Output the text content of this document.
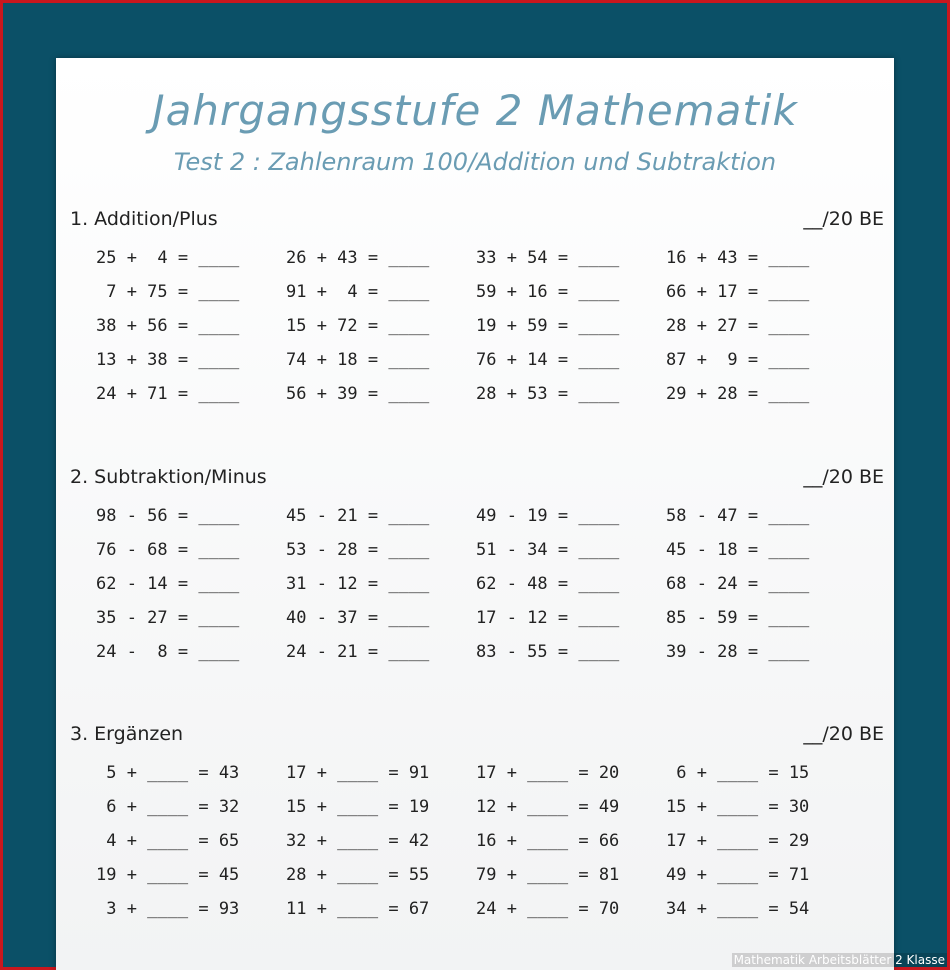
Jahrgangsstufe 2 Mathematik
Test 2 : Zahlenraum 100/Addition und Subtraktion
1. Addition/Plus	__/20 BE
25 +  4 = ____	26 + 43 = ____	33 + 54 = ____	16 + 43 = ____
7 + 75 = ____	91 +  4 = ____	59 + 16 = ____	66 + 17 = ____
38 + 56 = ____	15 + 72 = ____	19 + 59 = ____	28 + 27 = ____
13 + 38 = ____	74 + 18 = ____	76 + 14 = ____	87 +  9 = ____
24 + 71 = ____	56 + 39 = ____	28 + 53 = ____	29 + 28 = ____
2. Subtraktion/Minus	__/20 BE
98 - 56 = ____	45 - 21 = ____	49 - 19 = ____	58 - 47 = ____
76 - 68 = ____	53 - 28 = ____	51 - 34 = ____	45 - 18 = ____
62 - 14 = ____	31 - 12 = ____	62 - 48 = ____	68 - 24 = ____
35 - 27 = ____	40 - 37 = ____	17 - 12 = ____	85 - 59 = ____
24 -  8 = ____	24 - 21 = ____	83 - 55 = ____	39 - 28 = ____
3. Ergänzen	__/20 BE
5 + ____ = 43	17 + ____ = 91	17 + ____ = 20	6 + ____ = 15
6 + ____ = 32	15 + ____ = 19	12 + ____ = 49	15 + ____ = 30
4 + ____ = 65	32 + ____ = 42	16 + ____ = 66	17 + ____ = 29
19 + ____ = 45	28 + ____ = 55	79 + ____ = 81	49 + ____ = 71
3 + ____ = 93	11 + ____ = 67	24 + ____ = 70	34 + ____ = 54
Mathematik Arbeitsblätter 2 Klasse
